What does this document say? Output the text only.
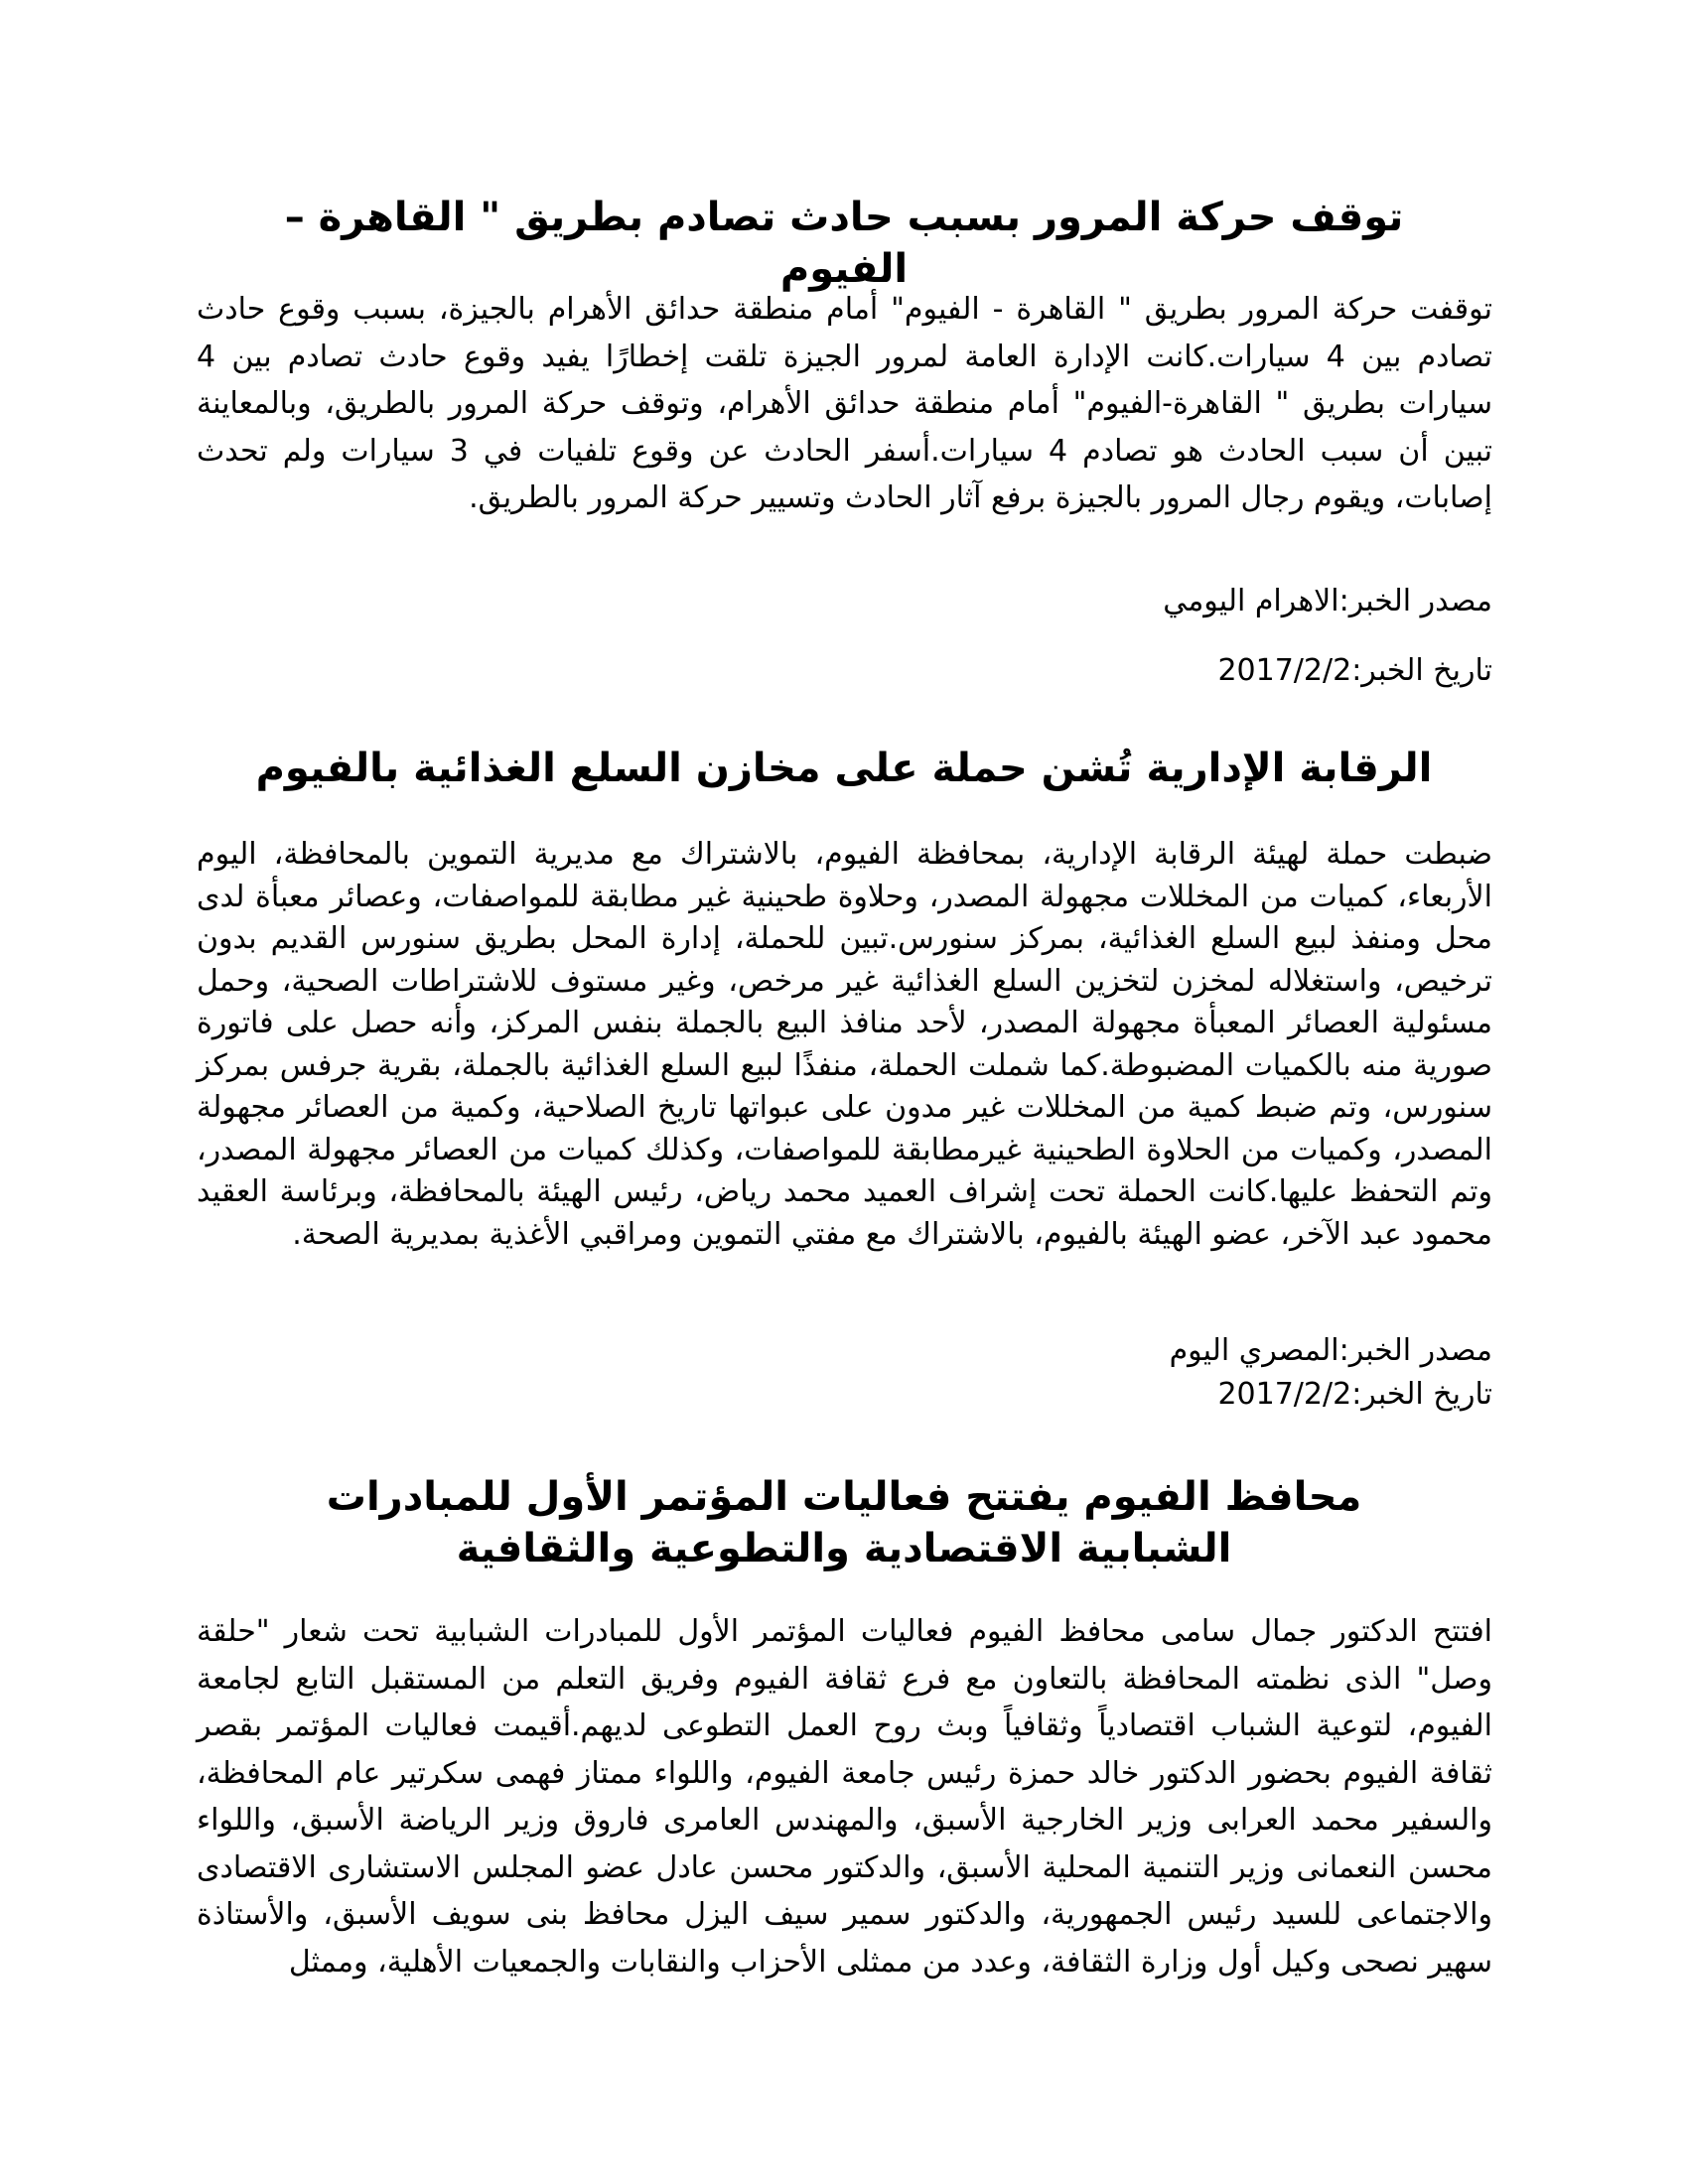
توقف حركة المرور بسبب حادث تصادم بطريق " القاهرة – الفيوم

توقفت حركة المرور بطريق " القاهرة - الفيوم" أمام منطقة حدائق الأهرام بالجيزة، بسبب وقوع حادث تصادم بين 4 سيارات.كانت الإدارة العامة لمرور الجيزة تلقت إخطارًا يفيد وقوع حادث تصادم بين 4 سيارات بطريق " القاهرة-الفيوم" أمام منطقة حدائق الأهرام، وتوقف حركة المرور بالطريق، وبالمعاينة تبين أن سبب الحادث هو تصادم 4 سيارات.أسفر الحادث عن وقوع تلفيات في 3 سيارات ولم تحدث إصابات، ويقوم رجال المرور بالجيزة برفع آثار الحادث وتسيير حركة المرور بالطريق.

مصدر الخبر:الاهرام اليومي

تاريخ الخبر:2017/2/2

الرقابة الإدارية تُشن حملة على مخازن السلع الغذائية بالفيوم

ضبطت حملة لهيئة الرقابة الإدارية، بمحافظة الفيوم، بالاشتراك مع مديرية التموين بالمحافظة، اليوم الأربعاء، كميات من المخللات مجهولة المصدر، وحلاوة طحينية غير مطابقة للمواصفات، وعصائر معبأة لدى محل ومنفذ لبيع السلع الغذائية، بمركز سنورس.تبين للحملة، إدارة المحل بطريق سنورس القديم بدون ترخيص، واستغلاله لمخزن لتخزين السلع الغذائية غير مرخص، وغير مستوف للاشتراطات الصحية، وحمل مسئولية العصائر المعبأة مجهولة المصدر، لأحد منافذ البيع بالجملة بنفس المركز، وأنه حصل على فاتورة صورية منه بالكميات المضبوطة.كما شملت الحملة، منفذًا لبيع السلع الغذائية بالجملة، بقرية جرفس بمركز سنورس، وتم ضبط كمية من المخللات غير مدون على عبواتها تاريخ الصلاحية، وكمية من العصائر مجهولة المصدر، وكميات من الحلاوة الطحينية غيرمطابقة للمواصفات، وكذلك كميات من العصائر مجهولة المصدر، وتم التحفظ عليها.كانت الحملة تحت إشراف العميد محمد رياض، رئيس الهيئة بالمحافظة، وبرئاسة العقيد محمود عبد الآخر، عضو الهيئة بالفيوم، بالاشتراك مع مفتي التموين ومراقبي الأغذية بمديرية الصحة.

مصدر الخبر:المصري اليوم

تاريخ الخبر:2017/2/2

محافظ الفيوم يفتتح فعاليات المؤتمر الأول للمبادرات الشبابية الاقتصادية والتطوعية والثقافية

افتتح الدكتور جمال سامى محافظ الفيوم فعاليات المؤتمر الأول للمبادرات الشبابية تحت شعار "حلقة وصل" الذى نظمته المحافظة بالتعاون مع فرع ثقافة الفيوم وفريق التعلم من المستقبل التابع لجامعة الفيوم، لتوعية الشباب اقتصادياً وثقافياً وبث روح العمل التطوعى لديهم.أقيمت فعاليات المؤتمر بقصر ثقافة الفيوم بحضور الدكتور خالد حمزة رئيس جامعة الفيوم، واللواء ممتاز فهمى سكرتير عام المحافظة، والسفير محمد العرابى وزير الخارجية الأسبق، والمهندس العامرى فاروق وزير الرياضة الأسبق، واللواء محسن النعمانى وزير التنمية المحلية الأسبق، والدكتور محسن عادل عضو المجلس الاستشارى الاقتصادى والاجتماعى للسيد رئيس الجمهورية، والدكتور سمير سيف اليزل محافظ بنى سويف الأسبق، والأستاذة سهير نصحى وكيل أول وزارة الثقافة، وعدد من ممثلى الأحزاب والنقابات والجمعيات الأهلية، وممثل
